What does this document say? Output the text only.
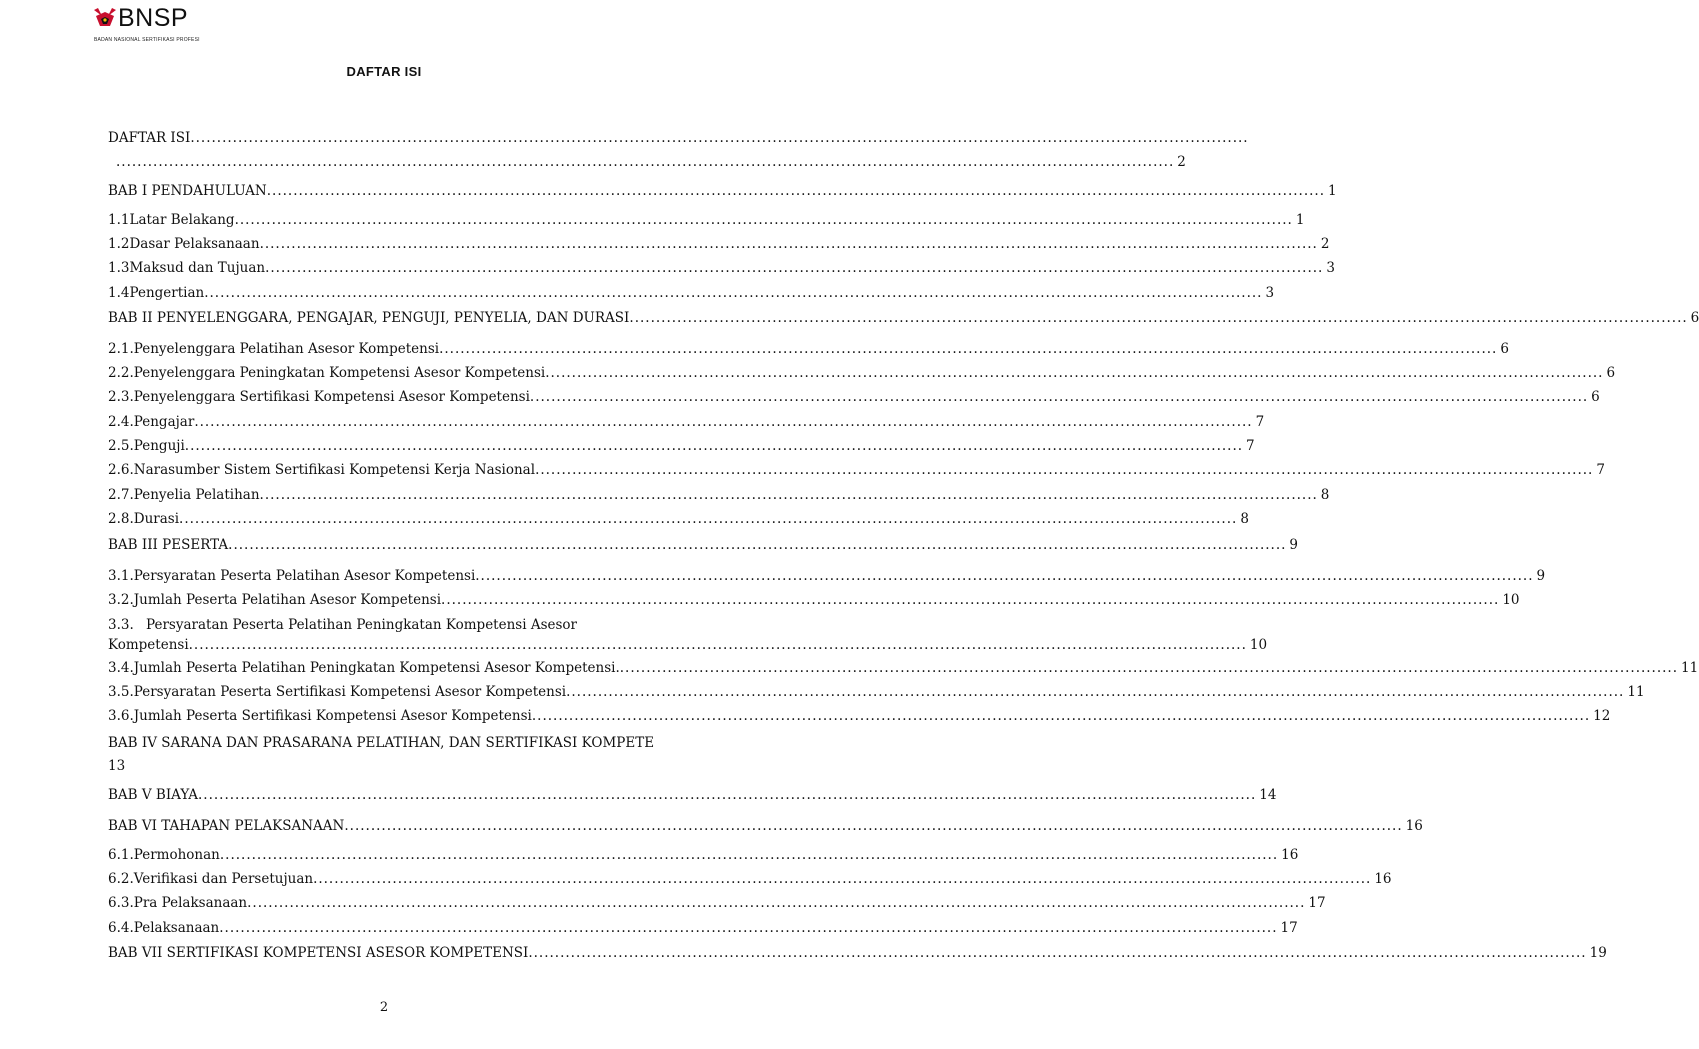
BNSP
BADAN NASIONAL SERTIFIKASI PROFESI
DAFTAR ISI
DAFTAR ISI ........................................................................................................................................................................................................
........................................................................................................................................................................................................ 2
BAB I PENDAHULUAN ........................................................................................................................................................................................................ 1
1.1 Latar Belakang ........................................................................................................................................................................................................ 1
1.2 Dasar Pelaksanaan ........................................................................................................................................................................................................ 2
1.3 Maksud dan Tujuan ........................................................................................................................................................................................................ 3
1.4 Pengertian ........................................................................................................................................................................................................ 3
BAB II PENYELENGGARA, PENGAJAR, PENGUJI, PENYELIA, DAN DURASI ........................................................................................................................................................................................................ 6
2.1. Penyelenggara Pelatihan Asesor Kompetensi ........................................................................................................................................................................................................ 6
2.2. Penyelenggara Peningkatan Kompetensi Asesor Kompetensi ........................................................................................................................................................................................................ 6
2.3. Penyelenggara Sertifikasi Kompetensi Asesor Kompetensi ........................................................................................................................................................................................................ 6
2.4. Pengajar ........................................................................................................................................................................................................ 7
2.5. Penguji ........................................................................................................................................................................................................ 7
2.6. Narasumber Sistem Sertifikasi Kompetensi Kerja Nasional ........................................................................................................................................................................................................ 7
2.7. Penyelia Pelatihan ........................................................................................................................................................................................................ 8
2.8. Durasi ........................................................................................................................................................................................................ 8
BAB III PESERTA ........................................................................................................................................................................................................ 9
3.1. Persyaratan Peserta Pelatihan Asesor Kompetensi ........................................................................................................................................................................................................ 9
3.2. Jumlah Peserta Pelatihan Asesor Kompetensi ........................................................................................................................................................................................................ 10
3.3. Persyaratan Peserta Pelatihan Peningkatan Kompetensi Asesor
Kompetensi ........................................................................................................................................................................................................ 10
3.4. Jumlah Peserta Pelatihan Peningkatan Kompetensi Asesor Kompetensi. ........................................................................................................................................................................................................ 11
3.5. Persyaratan Peserta Sertifikasi Kompetensi Asesor Kompetensi ........................................................................................................................................................................................................ 11
3.6. Jumlah Peserta Sertifikasi Kompetensi Asesor Kompetensi ........................................................................................................................................................................................................ 12
BAB IV SARANA DAN PRASARANA PELATIHAN, DAN SERTIFIKASI KOMPETE
13
BAB V BIAYA ........................................................................................................................................................................................................ 14
BAB VI TAHAPAN PELAKSANAAN ........................................................................................................................................................................................................ 16
6.1. Permohonan ........................................................................................................................................................................................................ 16
6.2. Verifikasi dan Persetujuan ........................................................................................................................................................................................................ 16
6.3. Pra Pelaksanaan ........................................................................................................................................................................................................ 17
6.4. Pelaksanaan ........................................................................................................................................................................................................ 17
BAB VII SERTIFIKASI KOMPETENSI ASESOR KOMPETENSI ........................................................................................................................................................................................................ 19
2
